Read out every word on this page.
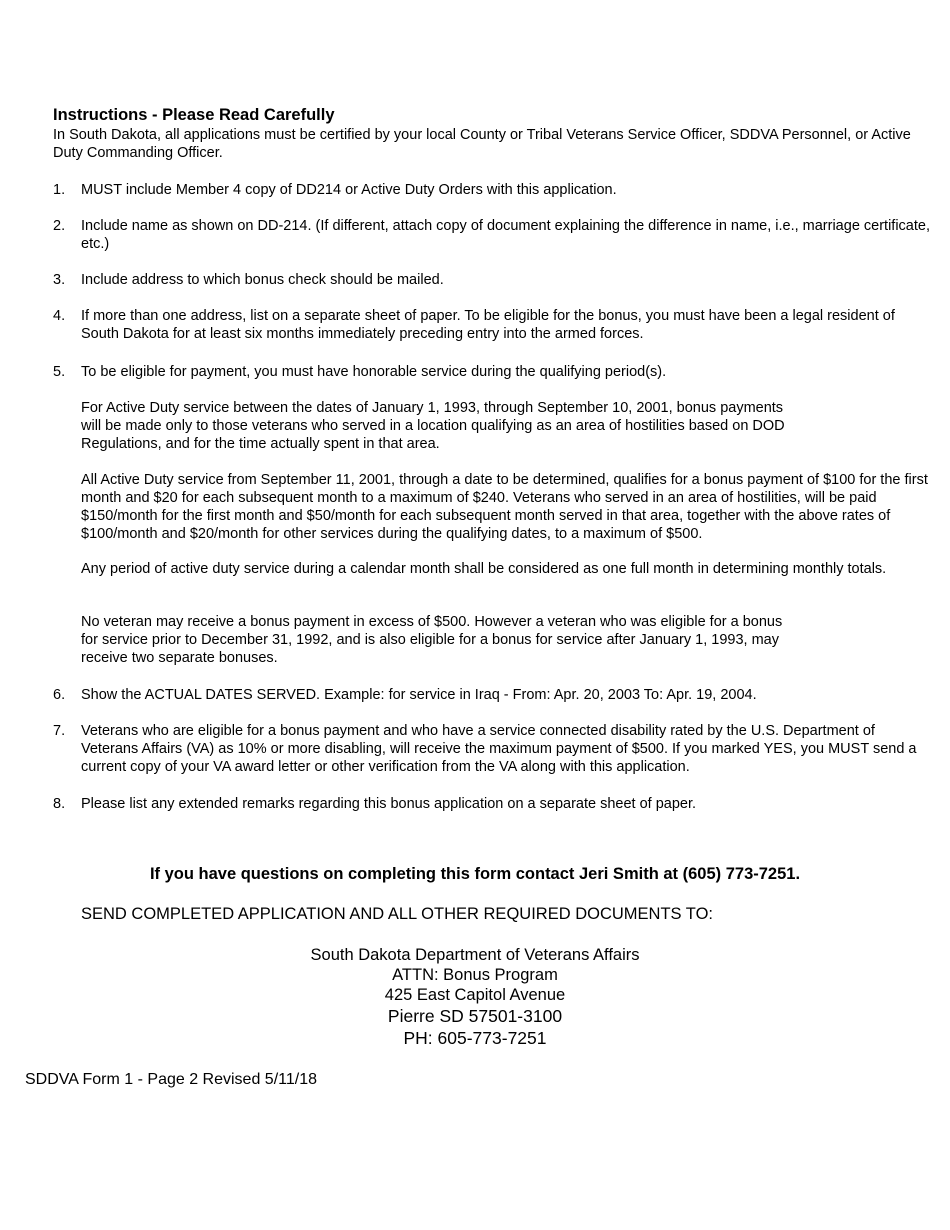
Instructions - Please Read Carefully

In South Dakota, all applications must be certified by your local County or Tribal Veterans Service Officer, SDDVA Personnel, or Active Duty Commanding Officer.

1. MUST include Member 4 copy of DD214 or Active Duty Orders with this application.
2. Include name as shown on DD-214. (If different, attach copy of document explaining the difference in name, i.e., marriage certificate, etc.)
3. Include address to which bonus check should be mailed.
4. If more than one address, list on a separate sheet of paper. To be eligible for the bonus, you must have been a legal resident of South Dakota for at least six months immediately preceding entry into the armed forces.
5. To be eligible for payment, you must have honorable service during the qualifying period(s).

For Active Duty service between the dates of January 1, 1993, through September 10, 2001, bonus payments will be made only to those veterans who served in a location qualifying as an area of hostilities based on DOD Regulations, and for the time actually spent in that area.

All Active Duty service from September 11, 2001, through a date to be determined, qualifies for a bonus payment of $100 for the first month and $20 for each subsequent month to a maximum of $240. Veterans who served in an area of hostilities, will be paid $150/month for the first month and $50/month for each subsequent month served in that area, together with the above rates of $100/month and $20/month for other services during the qualifying dates, to a maximum of $500.

Any period of active duty service during a calendar month shall be considered as one full month in determining monthly totals.

No veteran may receive a bonus payment in excess of $500. However a veteran who was eligible for a bonus for service prior to December 31, 1992, and is also eligible for a bonus for service after January 1, 1993, may receive two separate bonuses.

6. Show the ACTUAL DATES SERVED. Example: for service in Iraq - From: Apr. 20, 2003 To: Apr. 19, 2004.
7. Veterans who are eligible for a bonus payment and who have a service connected disability rated by the U.S. Department of Veterans Affairs (VA) as 10% or more disabling, will receive the maximum payment of $500. If you marked YES, you MUST send a current copy of your VA award letter or other verification from the VA along with this application.
8. Please list any extended remarks regarding this bonus application on a separate sheet of paper.
If you have questions on completing this form contact Jeri Smith at (605) 773-7251.
SEND COMPLETED APPLICATION AND ALL OTHER REQUIRED DOCUMENTS TO:
South Dakota Department of Veterans Affairs
ATTN: Bonus Program
425 East Capitol Avenue
Pierre SD 57501-3100
PH: 605-773-7251
SDDVA Form 1 - Page 2 Revised 5/11/18
